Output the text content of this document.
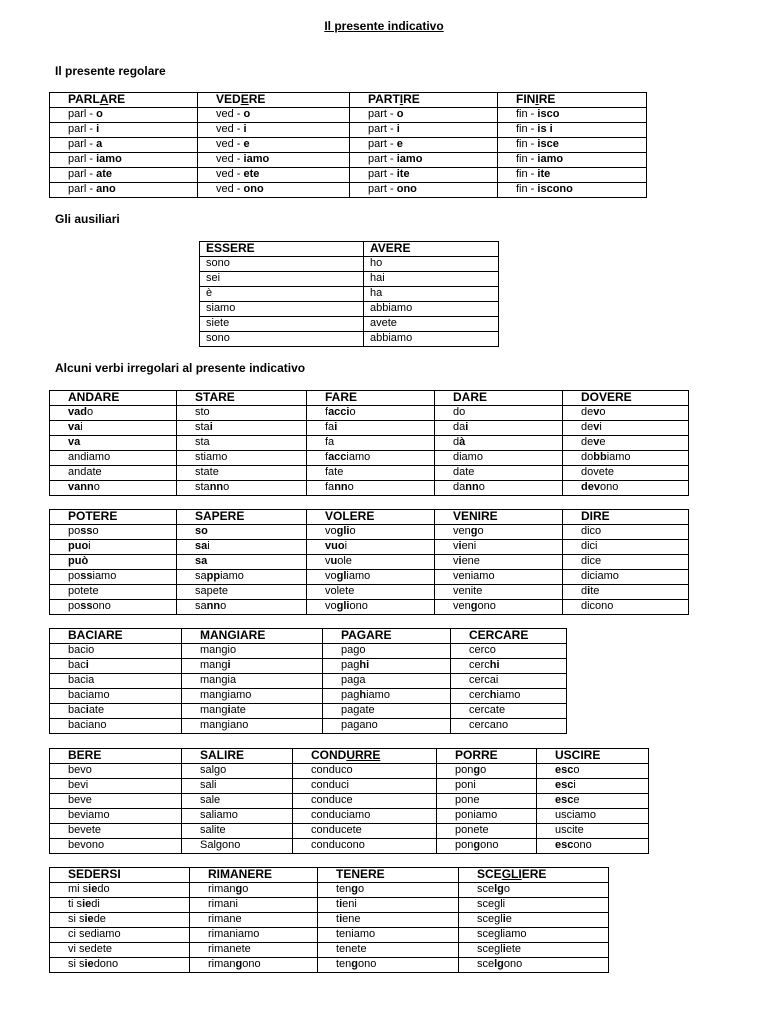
Il presente indicativo
Il presente regolare
PARLARE	VEDERE	PARTIRE	FINIRE
parl - o	ved - o	part - o	fin - isco
parl - i	ved - i	part - i	fin - is i
parl - a	ved - e	part - e	fin - isce
parl - iamo	ved - iamo	part - iamo	fin - iamo
parl - ate	ved - ete	part - ite	fin - ite
parl - ano	ved - ono	part - ono	fin - iscono
Gli ausiliari
ESSERE	AVERE
sono	ho
sei	hai
è	ha
siamo	abbiamo
siete	avete
sono	abbiamo
Alcuni verbi irregolari al presente indicativo
ANDARE	STARE	FARE	DARE	DOVERE
vado	sto	faccio	do	devo
vai	stai	fai	dai	devi
va	sta	fa	dà	deve
andiamo	stiamo	facciamo	diamo	dobbiamo
andate	state	fate	date	dovete
vanno	stanno	fanno	danno	devono
POTERE	SAPERE	VOLERE	VENIRE	DIRE
posso	so	voglio	vengo	dico
puoi	sai	vuoi	vieni	dici
può	sa	vuole	viene	dice
possiamo	sappiamo	vogliamo	veniamo	diciamo
potete	sapete	volete	venite	dite
possono	sanno	vogliono	vengono	dicono
BACIARE	MANGIARE	PAGARE	CERCARE
bacio	mangio	pago	cerco
baci	mangi	paghi	cerchi
bacia	mangia	paga	cercai
baciamo	mangiamo	paghiamo	cerchiamo
baciate	mangiate	pagate	cercate
baciano	mangiano	pagano	cercano
BERE	SALIRE	CONDURRE	PORRE	USCIRE
bevo	salgo	conduco	pongo	esco
bevi	sali	conduci	poni	esci
beve	sale	conduce	pone	esce
beviamo	saliamo	conduciamo	poniamo	usciamo
bevete	salite	conducete	ponete	uscite
bevono	Salgono	conducono	pongono	escono
SEDERSI	RIMANERE	TENERE	SCEGLIERE
mi siedo	rimango	tengo	scelgo
ti siedi	rimani	tieni	scegli
si siede	rimane	tiene	sceglie
ci sediamo	rimaniamo	teniamo	scegliamo
vi sedete	rimanete	tenete	scegliete
si siedono	rimangono	tengono	scelgono
